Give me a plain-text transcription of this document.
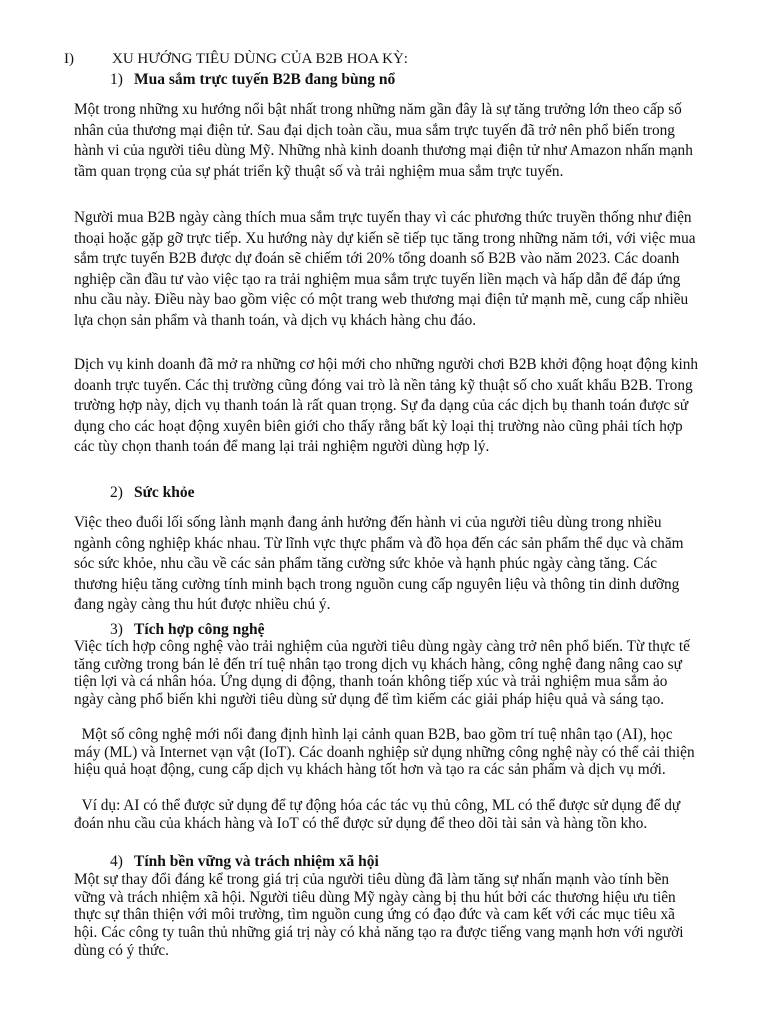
I)	XU HƯỚNG TIÊU DÙNG CỦA B2B HOA KỲ:
1) Mua sắm trực tuyến B2B đang bùng nổ

Một trong những xu hướng nổi bật nhất trong những năm gần đây là sự tăng trưởng lớn theo cấp số nhân của thương mại điện tử. Sau đại dịch toàn cầu, mua sắm trực tuyến đã trở nên phổ biến trong hành vi của người tiêu dùng Mỹ. Những nhà kinh doanh thương mại điện tử như Amazon nhấn mạnh tầm quan trọng của sự phát triển kỹ thuật số và trải nghiệm mua sắm trực tuyến.

Người mua B2B ngày càng thích mua sắm trực tuyến thay vì các phương thức truyền thống như điện thoại hoặc gặp gỡ trực tiếp. Xu hướng này dự kiến sẽ tiếp tục tăng trong những năm tới, với việc mua sắm trực tuyến B2B được dự đoán sẽ chiếm tới 20% tổng doanh số B2B vào năm 2023. Các doanh nghiệp cần đầu tư vào việc tạo ra trải nghiệm mua sắm trực tuyến liền mạch và hấp dẫn để đáp ứng nhu cầu này. Điều này bao gồm việc có một trang web thương mại điện tử mạnh mẽ, cung cấp nhiều lựa chọn sản phẩm và thanh toán, và dịch vụ khách hàng chu đáo.

Dịch vụ kinh doanh đã mở ra những cơ hội mới cho những người chơi B2B khởi động hoạt động kinh doanh trực tuyến. Các thị trường cũng đóng vai trò là nền tảng kỹ thuật số cho xuất khẩu B2B. Trong trường hợp này, dịch vụ thanh toán là rất quan trọng. Sự đa dạng của các dịch bụ thanh toán được sử dụng cho các hoạt động xuyên biên giới cho thấy rằng bất kỳ loại thị trường nào cũng phải tích hợp các tùy chọn thanh toán để mang lại trải nghiệm người dùng hợp lý.

2) Sức khỏe

Việc theo đuổi lối sống lành mạnh đang ảnh hưởng đến hành vi của người tiêu dùng trong nhiều ngành công nghiệp khác nhau. Từ lĩnh vực thực phẩm và đồ họa đến các sản phẩm thể dục và chăm sóc sức khỏe, nhu cầu về các sản phẩm tăng cường sức khỏe và hạnh phúc ngày càng tăng. Các thương hiệu tăng cường tính minh bạch trong nguồn cung cấp nguyên liệu và thông tin dinh dưỡng đang ngày càng thu hút được nhiều chú ý.

3) Tích hợp công nghệ

Việc tích hợp công nghệ vào trải nghiệm của người tiêu dùng ngày càng trở nên phổ biến. Từ thực tế tăng cường trong bán lẻ đến trí tuệ nhân tạo trong dịch vụ khách hàng, công nghệ đang nâng cao sự tiện lợi và cá nhân hóa. Ứng dụng di động, thanh toán không tiếp xúc và trải nghiệm mua sắm ảo ngày càng phổ biến khi người tiêu dùng sử dụng để tìm kiếm các giải pháp hiệu quả và sáng tạo.

Một số công nghệ mới nổi đang định hình lại cảnh quan B2B, bao gồm trí tuệ nhân tạo (AI), học máy (ML) và Internet vạn vật (IoT). Các doanh nghiệp sử dụng những công nghệ này có thể cải thiện hiệu quả hoạt động, cung cấp dịch vụ khách hàng tốt hơn và tạo ra các sản phẩm và dịch vụ mới.

Ví dụ: AI có thể được sử dụng để tự động hóa các tác vụ thủ công, ML có thể được sử dụng để dự đoán nhu cầu của khách hàng và IoT có thể được sử dụng để theo dõi tài sản và hàng tồn kho.

4) Tính bền vững và trách nhiệm xã hội

Một sự thay đổi đáng kể trong giá trị của người tiêu dùng đã làm tăng sự nhấn mạnh vào tính bền vững và trách nhiệm xã hội. Người tiêu dùng Mỹ ngày càng bị thu hút bởi các thương hiệu ưu tiên thực sự thân thiện với môi trường, tìm nguồn cung ứng có đạo đức và cam kết với các mục tiêu xã hội. Các công ty tuân thủ những giá trị này có khả năng tạo ra được tiếng vang mạnh hơn với người dùng có ý thức.
